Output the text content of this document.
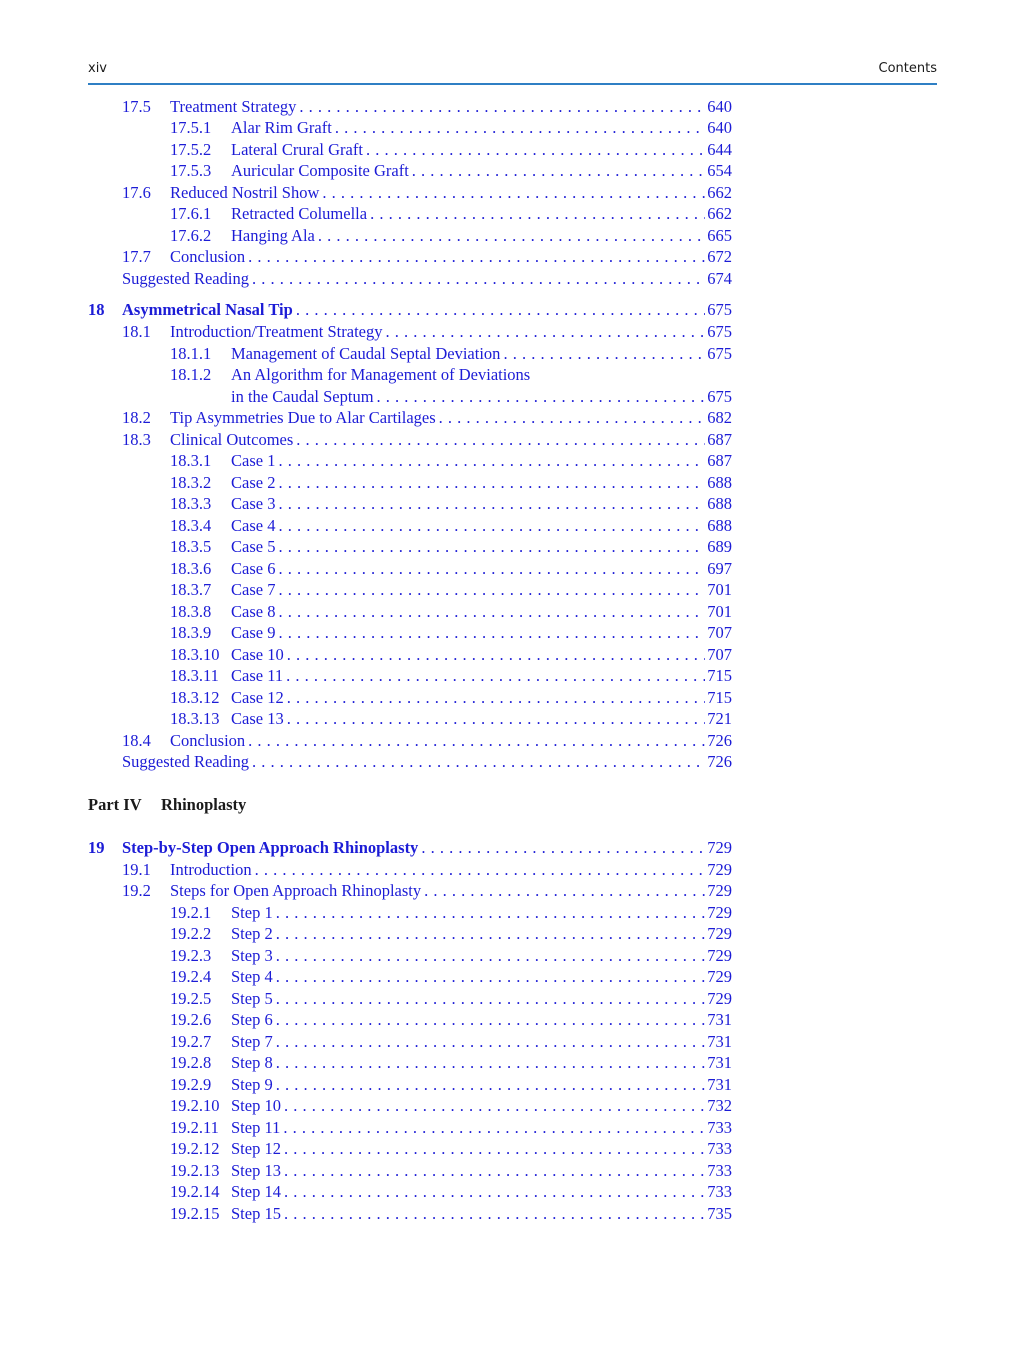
xiv	Contents
17.5 Treatment Strategy . . .	640
17.5.1 Alar Rim Graft . . .	640
17.5.2 Lateral Crural Graft . . .	644
17.5.3 Auricular Composite Graft . . .	654
17.6 Reduced Nostril Show . . .	662
17.6.1 Retracted Columella . . .	662
17.6.2 Hanging Ala . . .	665
17.7 Conclusion . . .	672
Suggested Reading . . .	674
18 Asymmetrical Nasal Tip . . .	675
18.1 Introduction/Treatment Strategy . . .	675
18.1.1 Management of Caudal Septal Deviation . . .	675
18.1.2 An Algorithm for Management of Deviations
in the Caudal Septum . . .	675
18.2 Tip Asymmetries Due to Alar Cartilages . . .	682
18.3 Clinical Outcomes . . .	687
18.3.1 Case 1 . . .	687
18.3.2 Case 2 . . .	688
18.3.3 Case 3 . . .	688
18.3.4 Case 4 . . .	688
18.3.5 Case 5 . . .	689
18.3.6 Case 6 . . .	697
18.3.7 Case 7 . . .	701
18.3.8 Case 8 . . .	701
18.3.9 Case 9 . . .	707
18.3.10 Case 10 . . .	707
18.3.11 Case 11 . . .	715
18.3.12 Case 12 . . .	715
18.3.13 Case 13 . . .	721
18.4 Conclusion . . .	726
Suggested Reading . . .	726
Part IV Rhinoplasty
19 Step-by-Step Open Approach Rhinoplasty . . .	729
19.1 Introduction . . .	729
19.2 Steps for Open Approach Rhinoplasty . . .	729
19.2.1 Step 1 . . .	729
19.2.2 Step 2 . . .	729
19.2.3 Step 3 . . .	729
19.2.4 Step 4 . . .	729
19.2.5 Step 5 . . .	729
19.2.6 Step 6 . . .	731
19.2.7 Step 7 . . .	731
19.2.8 Step 8 . . .	731
19.2.9 Step 9 . . .	731
19.2.10 Step 10 . . .	732
19.2.11 Step 11 . . .	733
19.2.12 Step 12 . . .	733
19.2.13 Step 13 . . .	733
19.2.14 Step 14 . . .	733
19.2.15 Step 15 . . .	735
